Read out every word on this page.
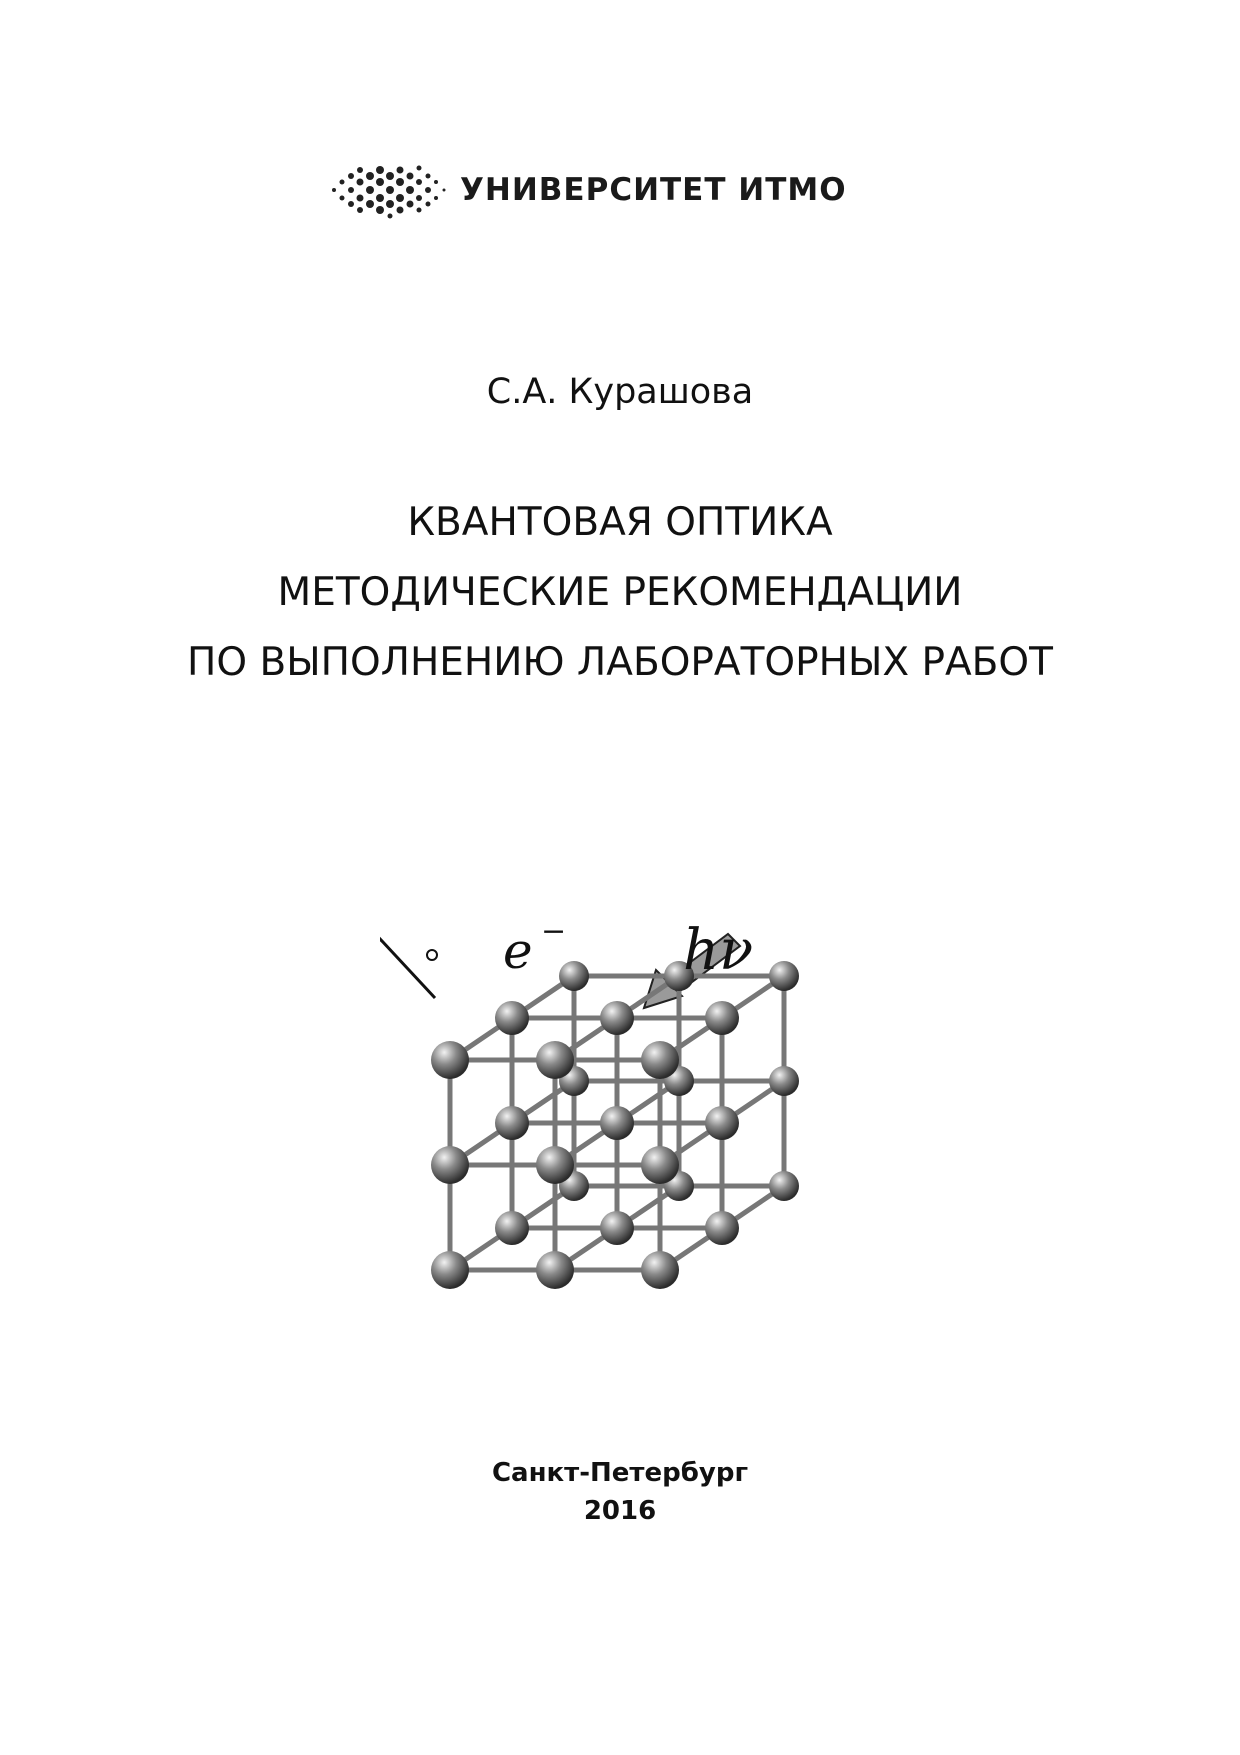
УНИВЕРСИТЕТ ИТМО
С.А. Курашова
КВАНТОВАЯ ОПТИКА
МЕТОДИЧЕСКИЕ РЕКОМЕНДАЦИИ
ПО ВЫПОЛНЕНИЮ ЛАБОРАТОРНЫХ РАБОТ
e − hν
Санкт-Петербург
2016
